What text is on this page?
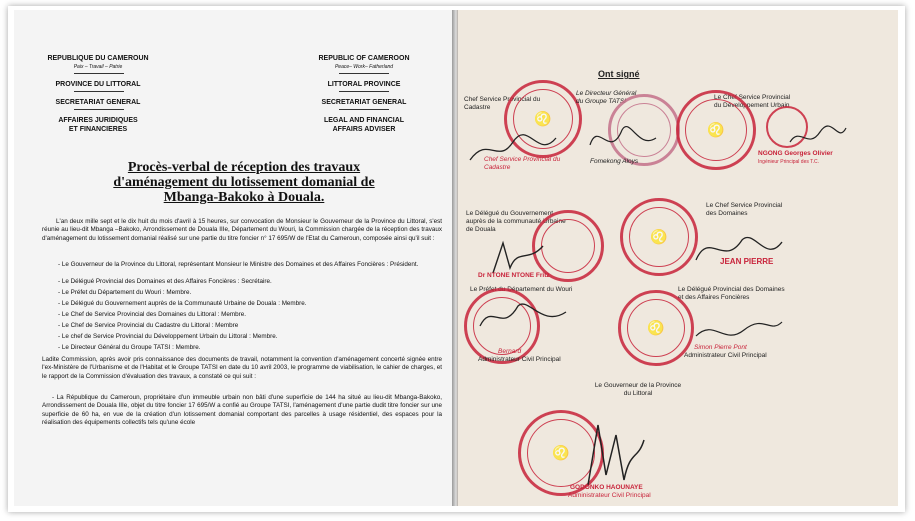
REPUBLIQUE DU CAMEROUN
Paix – Travail – Patrie
PROVINCE DU LITTORAL
SECRETARIAT GENERAL
AFFAIRES JURIDIQUES
ET FINANCIERES
REPUBLIC OF CAMEROON
Peace– Work– Fatherland
LITTORAL PROVINCE
SECRETARIAT GENERAL
LEGAL AND FINANCIAL
AFFAIRS ADVISER
Procès-verbal de réception des travaux
d'aménagement du lotissement domanial de
Mbanga-Bakoko à Douala.
L'an deux mille sept et le dix huit du mois d'avril à 15 heures, sur convocation de Monsieur le Gouverneur de la Province du Littoral, s'est réunie au lieu-dit Mbanga –Bakoko, Arrondissement de Douala IIIe, Département du Wouri, la Commission chargée de la réception des travaux d'aménagement du lotissement domanial réalisé sur une partie du titre foncier n° 17 695/W de l'Etat du Cameroun, composée ainsi qu'il suit :
- Le Gouverneur de la Province du Littoral, représentant Monsieur le Ministre des Domaines et des Affaires Foncières : Président.
- Le Délégué Provincial des Domaines et des Affaires Foncières : Secrétaire.
- Le Préfet du Département du Wouri : Membre.
- Le Délégué du Gouvernement auprès de la Communauté Urbaine de Douala : Membre.
- Le Chef de Service Provincial des Domaines du Littoral : Membre.
- Le Chef de Service Provincial du Cadastre du Littoral : Membre
- Le chef de Service Provincial du Développement Urbain du Littoral : Membre.
- Le Directeur Général du Groupe TATSI : Membre.
Ladite Commission, après avoir pris connaissance des documents de travail, notamment la convention d'aménagement concerté signée entre l'ex-Ministère de l'Urbanisme et de l'Habitat et le Groupe TATSI en date du 10 avril 2003, le programme de viabilisation, le cahier de charges, et le rapport de la Commission d'évaluation des travaux, a constaté ce qui suit :
- La République du Cameroun, propriétaire d'un immeuble urbain non bâti d'une superficie de 144 ha situé au lieu-dit Mbanga-Bakoko, Arrondissement de Douala IIIe, objet du titre foncier 17 695/W a confié au Groupe TATSI, l'aménagement d'une partie dudit titre foncier sur une superficie de 60 ha, en vue de la création d'un lotissement domanial comportant des parcelles à usage résidentiel, des espaces pour la réalisation des équipements collectifs tels qu'une école
Ont signé
Chef Service Provincial du Cadastre
♌
Chef Service Provincial du Cadastre
Le Directeur Général
du Groupe TATSI
Fomekong Aloys
Le Chef Service Provincial
du Développement Urbain
♌
NGONG Georges Olivier
Ingénieur Principal des T.C.
Le Délégué du Gouvernement
auprès de la communauté Urbaine
de Douala
Dr NTONE NTONE Fritz
Le Chef Service Provincial
des Domaines
♌
JEAN PIERRE
Le Préfet du Département du Wouri
Bernard
Administrateur Civil Principal
Le Délégué Provincial des Domaines
et des Affaires Foncières
♌
Simon Pierre Pont
Administrateur Civil Principal
Le Gouverneur de la Province
du Littoral
♌
GODONKO HAOUNAYE
Administrateur Civil Principal
